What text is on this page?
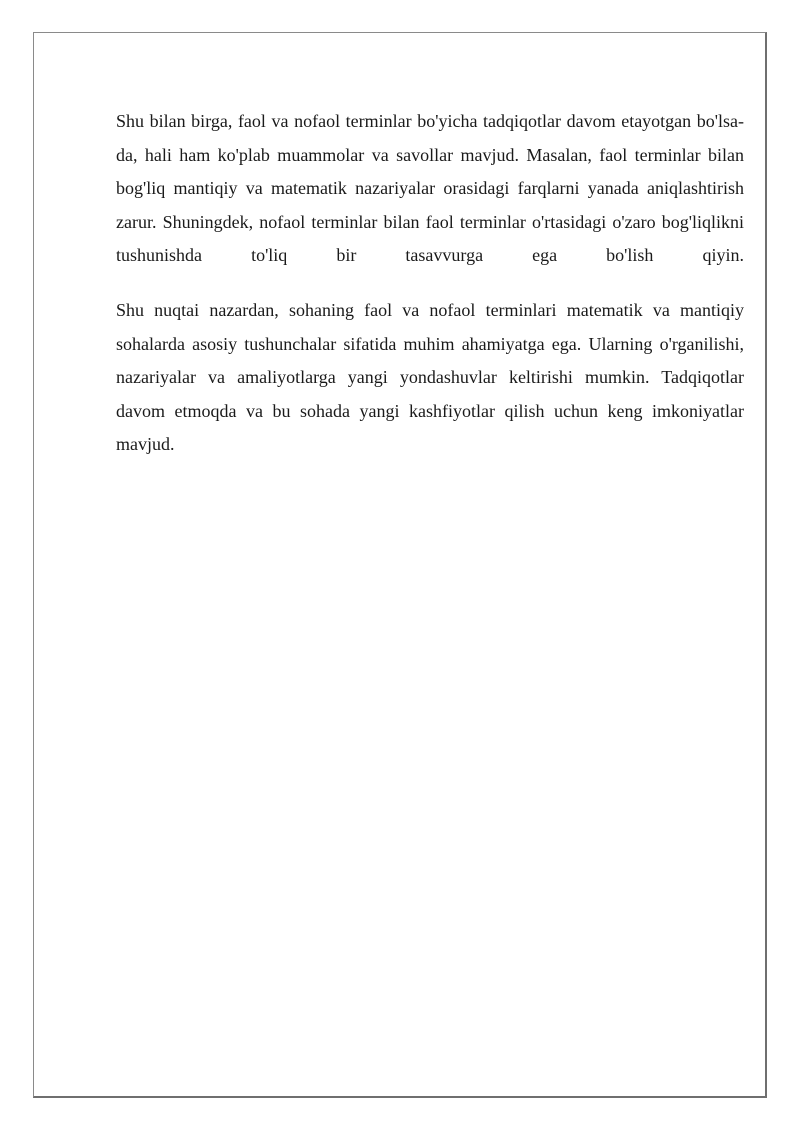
Shu bilan birga, faol va nofaol terminlar bo'yicha tadqiqotlar davom etayotgan bo'lsa-da, hali ham ko'plab muammolar va savollar mavjud. Masalan, faol terminlar bilan bog'liq mantiqiy va matematik nazariyalar orasidagi farqlarni yanada aniqlashtirish zarur. Shuningdek, nofaol terminlar bilan faol terminlar o'rtasidagi o'zaro bog'liqlikni tushunishda to'liq bir tasavvurga ega bo'lish qiyin.

Shu nuqtai nazardan, sohaning faol va nofaol terminlari matematik va mantiqiy sohalarda asosiy tushunchalar sifatida muhim ahamiyatga ega. Ularning o'rganilishi, nazariyalar va amaliyotlarga yangi yondashuvlar keltirishi mumkin. Tadqiqotlar davom etmoqda va bu sohada yangi kashfiyotlar qilish uchun keng imkoniyatlar mavjud.
